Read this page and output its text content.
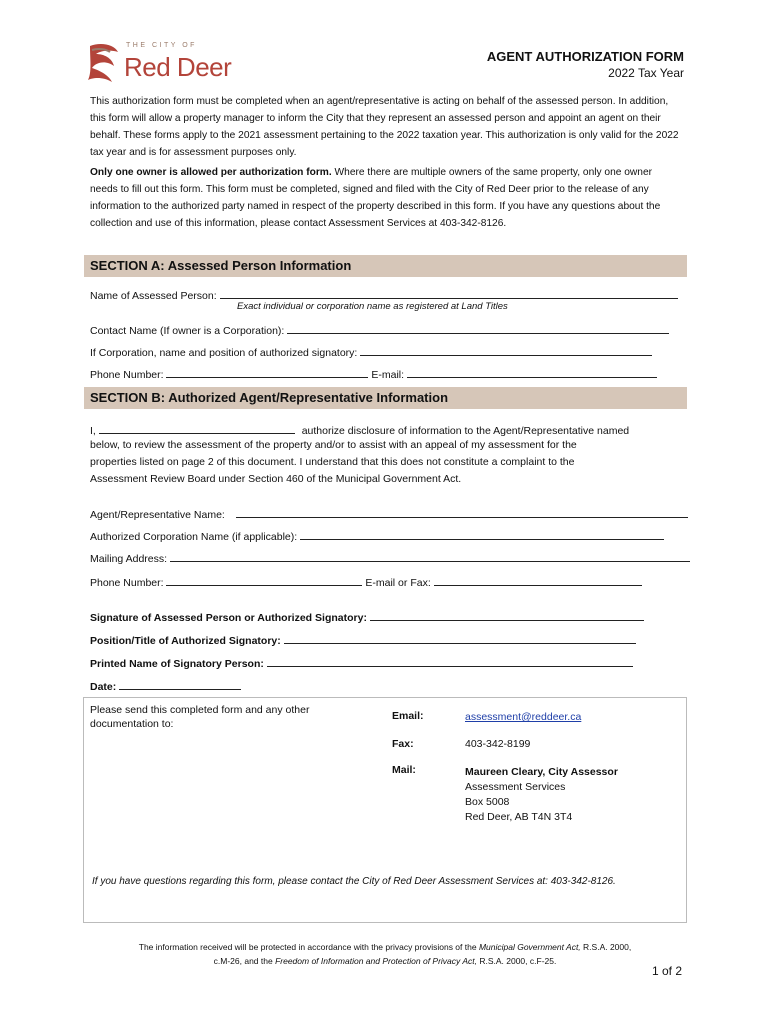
THE CITY OF
Red Deer	AGENT AUTHORIZATION FORM
2022 Tax Year
This authorization form must be completed when an agent/representative is acting on behalf of the assessed person. In addition, this form will allow a property manager to inform the City that they represent an assessed person and appoint an agent on their behalf. These forms apply to the 2021 assessment pertaining to the 2022 taxation year. This authorization is only valid for the 2022 tax year and is for assessment purposes only.
Only one owner is allowed per authorization form. Where there are multiple owners of the same property, only one owner needs to fill out this form. This form must be completed, signed and filed with the City of Red Deer prior to the release of any information to the authorized party named in respect of the property described in this form. If you have any questions about the collection and use of this information, please contact Assessment Services at 403-342-8126.
SECTION A: Assessed Person Information
Name of Assessed Person:
Exact individual or corporation name as registered at Land Titles
Contact Name (If owner is a Corporation):
If Corporation, name and position of authorized signatory:
Phone Number:	E-mail:
SECTION B: Authorized Agent/Representative Information
I,	authorize disclosure of information to the Agent/Representative named
below, to review the assessment of the property and/or to assist with an appeal of my assessment for the
properties listed on page 2 of this document. I understand that this does not constitute a complaint to the
Assessment Review Board under Section 460 of the Municipal Government Act.
Agent/Representative Name:
Authorized Corporation Name (if applicable):
Mailing Address:
Phone Number:	E-mail or Fax:
Signature of Assessed Person or Authorized Signatory:
Position/Title of Authorized Signatory:
Printed Name of Signatory Person:
Date:
Please send this completed form and any other documentation to:
Email:	assessment@reddeer.ca
Fax:	403-342-8199
Mail:	Maureen Cleary, City Assessor
Assessment Services
Box 5008
Red Deer, AB T4N 3T4
If you have questions regarding this form, please contact the City of Red Deer Assessment Services at: 403-342-8126.
The information received will be protected in accordance with the privacy provisions of the Municipal Government Act, R.S.A. 2000,
c.M-26, and the Freedom of Information and Protection of Privacy Act, R.S.A. 2000, c.F-25.
1 of 2
